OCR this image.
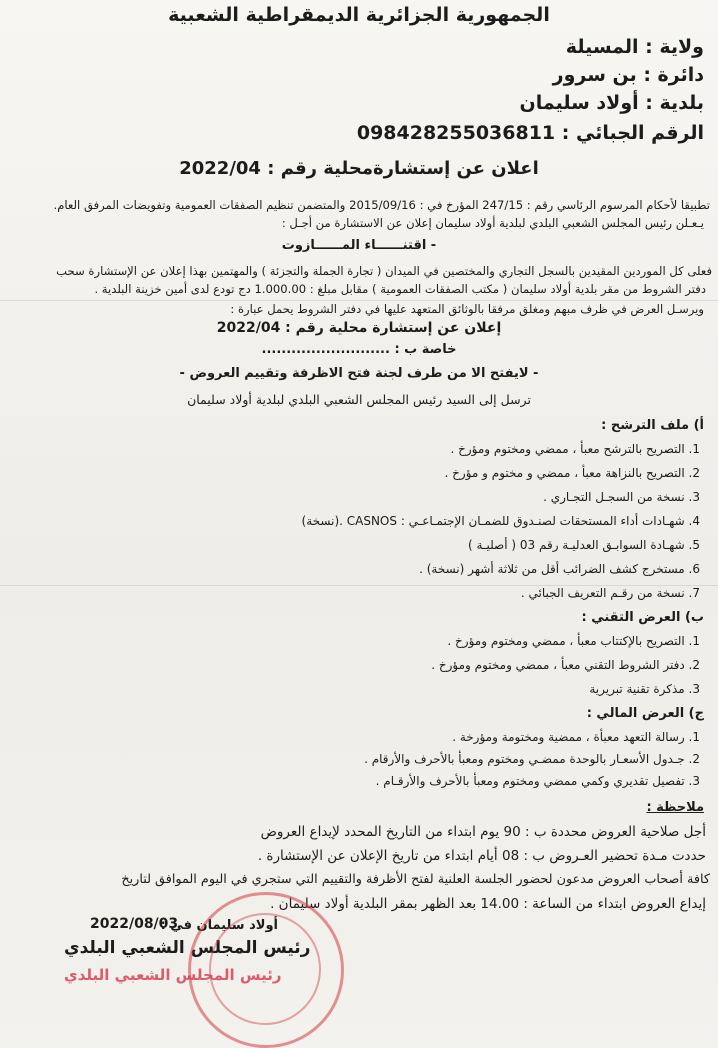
الجمهورية الجزائرية الديمقراطية الشعبية
ولاية : المسيلة
دائرة : بن سرور
بلدية : أولاد سليمان
الرقم الجبائي : 09842825503681‌1
اعلان عن إستشارةمحلية رقم : 2022/04
تطبيقا لأحكام المرسوم الرئاسي رقم : 247/15 المؤرخ في : 2015/09/16 والمتضمن تنظيم الصفقات العمومية وتفويضات المرفق العام.
يـعـلن رئيس المجلس الشعبي البلدي لبلدية أولاد سليمان إعلان عن الاستشارة من أجـل :
- اقتنــــــاء المــــــازوت
فعلى كل الموردين المقيدين بالسجل التجاري والمختصين في الميدان ( تجارة الجملة والتجزئة ) والمهتمين بهذا إعلان عن الإستشارة سحب
دفتر الشروط من مقر بلدية أولاد سليمان ( مكتب الصفقات العمومية ) مقابل مبلغ : 1.000.00 دج تودع لدى أمين خزينة البلدية .
ويرسـل العرض في ظرف مبهم ومغلق مرفقا بالوثائق المتعهد عليها في دفتر الشروط يحمل عبارة :
إعلان عن إستشارة محلية رقم : 2022/04
خاصة ب : ..........................
- لايفتح الا من طرف لجنة فتح الاظرفة وتقييم العروض -
ترسل إلى السيد رئيس المجلس الشعبي البلدي لبلدية أولاد سليمان
أ) ملف الترشح :
1. التصريح بالترشح معبأ ، ممضي ومختوم ومؤرخ .
2. التصريح بالنزاهة معبأ ، ممضي و مختوم و مؤرخ .
3. نسخة من السجـل التجـاري .
4. شهـادات أداء المستحقات لصنـدوق للضمـان الإجتمـاعـي : CASNOS .(نسخة)
5. شهـادة السوابـق العدليـة رقم 03 ( أصليـة )
6. مستخرج كشف الضرائب أقل من ثلاثة أشهر (نسخة) .
7. نسخة من رقـم التعريف الجبائي .
ب) العرض التقني :
1. التصريح بالإكتتاب معبأ ، ممضي ومختوم ومؤرخ .
2. دفتر الشروط التقني معبأ ، ممضي ومختوم ومؤرخ .
3. مذكرة تقنية تبريرية
ج) العرض المالي :
1. رسالة التعهد معبأة ، ممضية ومختومة ومؤرخة .
2. جـدول الأسعـار بالوحدة ممضـي ومختوم ومعبأ بالأحرف والأرقام .
3. تفصيل تقديري وكمي ممضي ومختوم ومعبأ بالأحرف والأرقـام .
ملاحظة :
أجل صلاحية العروض محددة ب : 90 يوم ابتداء من التاريخ المحدد لإيداع العروض
حددت مـدة تحضير العـروض ب : 08 أيام ابتداء من تاريخ الإعلان عن الإستشارة .
كافة أصحاب العروض مدعون لحضور الجلسة العلنية لفتح الأظرفة والتقييم التي ستجري في اليوم الموافق لتاريخ
إيداع العروض ابتداء من الساعة : 14.00 بعد الظهر بمقر البلدية أولاد سليمان .
أولاد سليمان في :
2022/08/03
رئيس المجلس الشعبي البلدي
رئيس المجلس الشعبي البلدي
